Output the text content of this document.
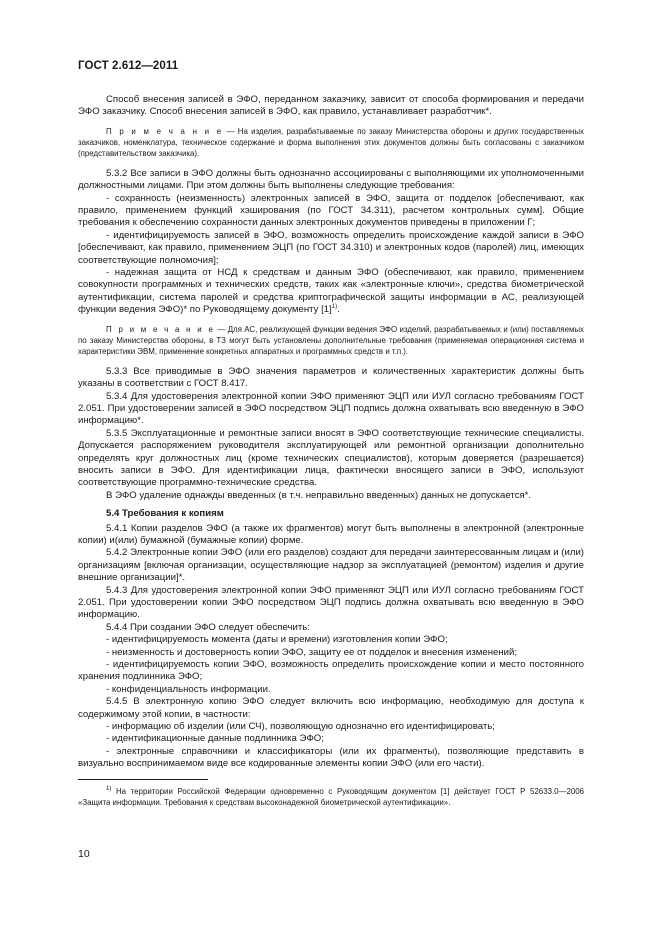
ГОСТ 2.612—2011

Способ внесения записей в ЭФО, переданном заказчику, зависит от способа формирования и передачи ЭФО заказчику. Способ внесения записей в ЭФО, как правило, устанавливает разработчик*.

П р и м е ч а н и е — На изделия, разрабатываемые по заказу Министерства обороны и других государственных заказчиков, номенклатура, техническое содержание и форма выполнения этих документов должны быть согласованы с заказчиком (представительством заказчика).

5.3.2 Все записи в ЭФО должны быть однозначно ассоциированы с выполняющими их уполномоченными должностными лицами. При этом должны быть выполнены следующие требования:

- сохранность (неизменность) электронных записей в ЭФО, защита от подделок [обеспечивают, как правило, применением функций хэширования (по ГОСТ 34.311), расчетом контрольных сумм]. Общие требования к обеспечению сохранности данных электронных документов приведены в приложении Г;

- идентифицируемость записей в ЭФО, возможность определить происхождение каждой записи в ЭФО [обеспечивают, как правило, применением ЭЦП (по ГОСТ 34.310) и электронных кодов (паролей) лиц, имеющих соответствующие полномочия];

- надежная защита от НСД к средствам и данным ЭФО (обеспечивают, как правило, применением совокупности программных и технических средств, таких как «электронные ключи», средства биометрической аутентификации, система паролей и средства криптографической защиты информации в АС, реализующей функции ведения ЭФО)* по Руководящему документу $[1]^{1)}$.

П р и м е ч а н и е — Для АС, реализующей функции ведения ЭФО изделий, разрабатываемых и (или) поставляемых по заказу Министерства обороны, в ТЗ могут быть установлены дополнительные требования (применяемая операционная система и характеристики ЭВМ, применение конкретных аппаратных и программных средств и т.п.).

5.3.3 Все приводимые в ЭФО значения параметров и количественных характеристик должны быть указаны в соответствии с ГОСТ 8.417.

5.3.4 Для удостоверения электронной копии ЭФО применяют ЭЦП или ИУЛ согласно требованиям ГОСТ 2.051. При удостоверении записей в ЭФО посредством ЭЦП подпись должна охватывать всю введенную в ЭФО информацию*.

5.3.5 Эксплуатационные и ремонтные записи вносят в ЭФО соответствующие технические специалисты. Допускается распоряжением руководителя эксплуатирующей или ремонтной организации дополнительно определять круг должностных лиц (кроме технических специалистов), которым доверяется (разрешается) вносить записи в ЭФО. Для идентификации лица, фактически вносящего записи в ЭФО, используют соответствующие программно-технические средства.

В ЭФО удаление однажды введенных (в т.ч. неправильно введенных) данных не допускается*.

5.4 Требования к копиям

5.4.1 Копии разделов ЭФО (а также их фрагментов) могут быть выполнены в электронной (электронные копии) и(или) бумажной (бумажные копии) форме.

5.4.2 Электронные копии ЭФО (или его разделов) создают для передачи заинтересованным лицам и (или) организациям [включая организации, осуществляющие надзор за эксплуатацией (ремонтом) изделия и другие внешние организации]*.

5.4.3 Для удостоверения электронной копии ЭФО применяют ЭЦП или ИУЛ согласно требованиям ГОСТ 2.051. При удостоверении копии ЭФО посредством ЭЦП подпись должна охватывать всю введенную в ЭФО информацию.

5.4.4 При создании ЭФО следует обеспечить:

- идентифицируемость момента (даты и времени) изготовления копии ЭФО;

- неизменность и достоверность копии ЭФО, защиту ее от подделок и внесения изменений;

- идентифицируемость копии ЭФО, возможность определить происхождение копии и место постоянного хранения подлинника ЭФО;

- конфиденциальность информации.

5.4.5 В электронную копию ЭФО следует включить всю информацию, необходимую для доступа к содержимому этой копии, в частности:

- информацию об изделии (или СЧ), позволяющую однозначно его идентифицировать;

- идентификационные данные подлинника ЭФО;

- электронные справочники и классификаторы (или их фрагменты), позволяющие представить в визуально воспринимаемом виде все кодированные элементы копии ЭФО (или его части).

$^{1)}$ На территории Российской Федерации одновременно с Руководящим документом [1] действует ГОСТ Р 52633.0—2006 «Защита информации. Требования к средствам высоконадежной биометрической аутентификации».

10
